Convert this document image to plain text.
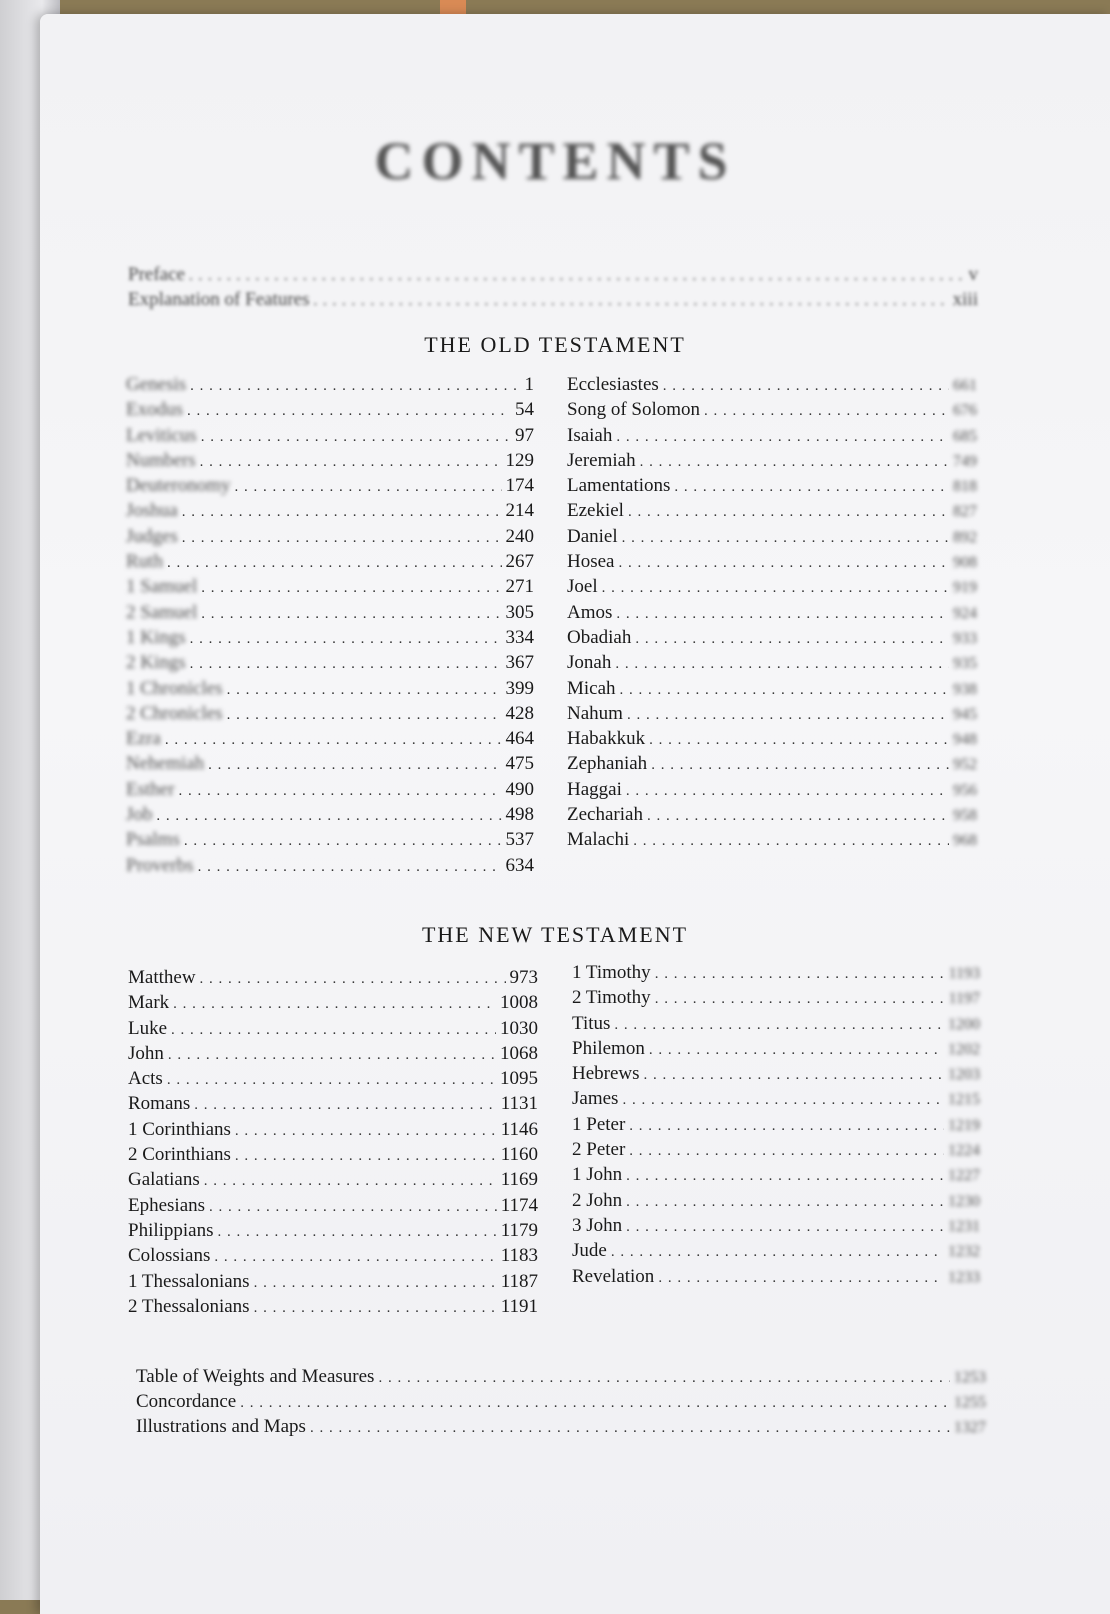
CONTENTS
Preface . . .	v
Explanation of Features . . .	xiii
THE OLD TESTAMENT
Genesis . . .	1
Exodus . . .	54
Leviticus . . .	97
Numbers . . .	129
Deuteronomy . . .	174
Joshua . . .	214
Judges . . .	240
Ruth . . .	267
1 Samuel . . .	271
2 Samuel . . .	305
1 Kings . . .	334
2 Kings . . .	367
1 Chronicles . . .	399
2 Chronicles . . .	428
Ezra . . .	464
Nehemiah . . .	475
Esther . . .	490
Job . . .	498
Psalms . . .	537
Proverbs . . .	634
Ecclesiastes . . .	661
Song of Solomon . . .	676
Isaiah . . .	685
Jeremiah . . .	749
Lamentations . . .	818
Ezekiel . . .	827
Daniel . . .	892
Hosea . . .	908
Joel . . .	919
Amos . . .	924
Obadiah . . .	933
Jonah . . .	935
Micah . . .	938
Nahum . . .	945
Habakkuk . . .	948
Zephaniah . . .	952
Haggai . . .	956
Zechariah . . .	958
Malachi . . .	968
THE NEW TESTAMENT
Matthew . . .	973
Mark . . .	1008
Luke . . .	1030
John . . .	1068
Acts . . .	1095
Romans . . .	1131
1 Corinthians . . .	1146
2 Corinthians . . .	1160
Galatians . . .	1169
Ephesians . . .	1174
Philippians . . .	1179
Colossians . . .	1183
1 Thessalonians . . .	1187
2 Thessalonians . . .	1191
1 Timothy . . .	1193
2 Timothy . . .	1197
Titus . . .	1200
Philemon . . .	1202
Hebrews . . .	1203
James . . .	1215
1 Peter . . .	1219
2 Peter . . .	1224
1 John . . .	1227
2 John . . .	1230
3 John . . .	1231
Jude . . .	1232
Revelation . . .	1233
Table of Weights and Measures . . .	1253
Concordance . . .	1255
Illustrations and Maps . . .	1327
